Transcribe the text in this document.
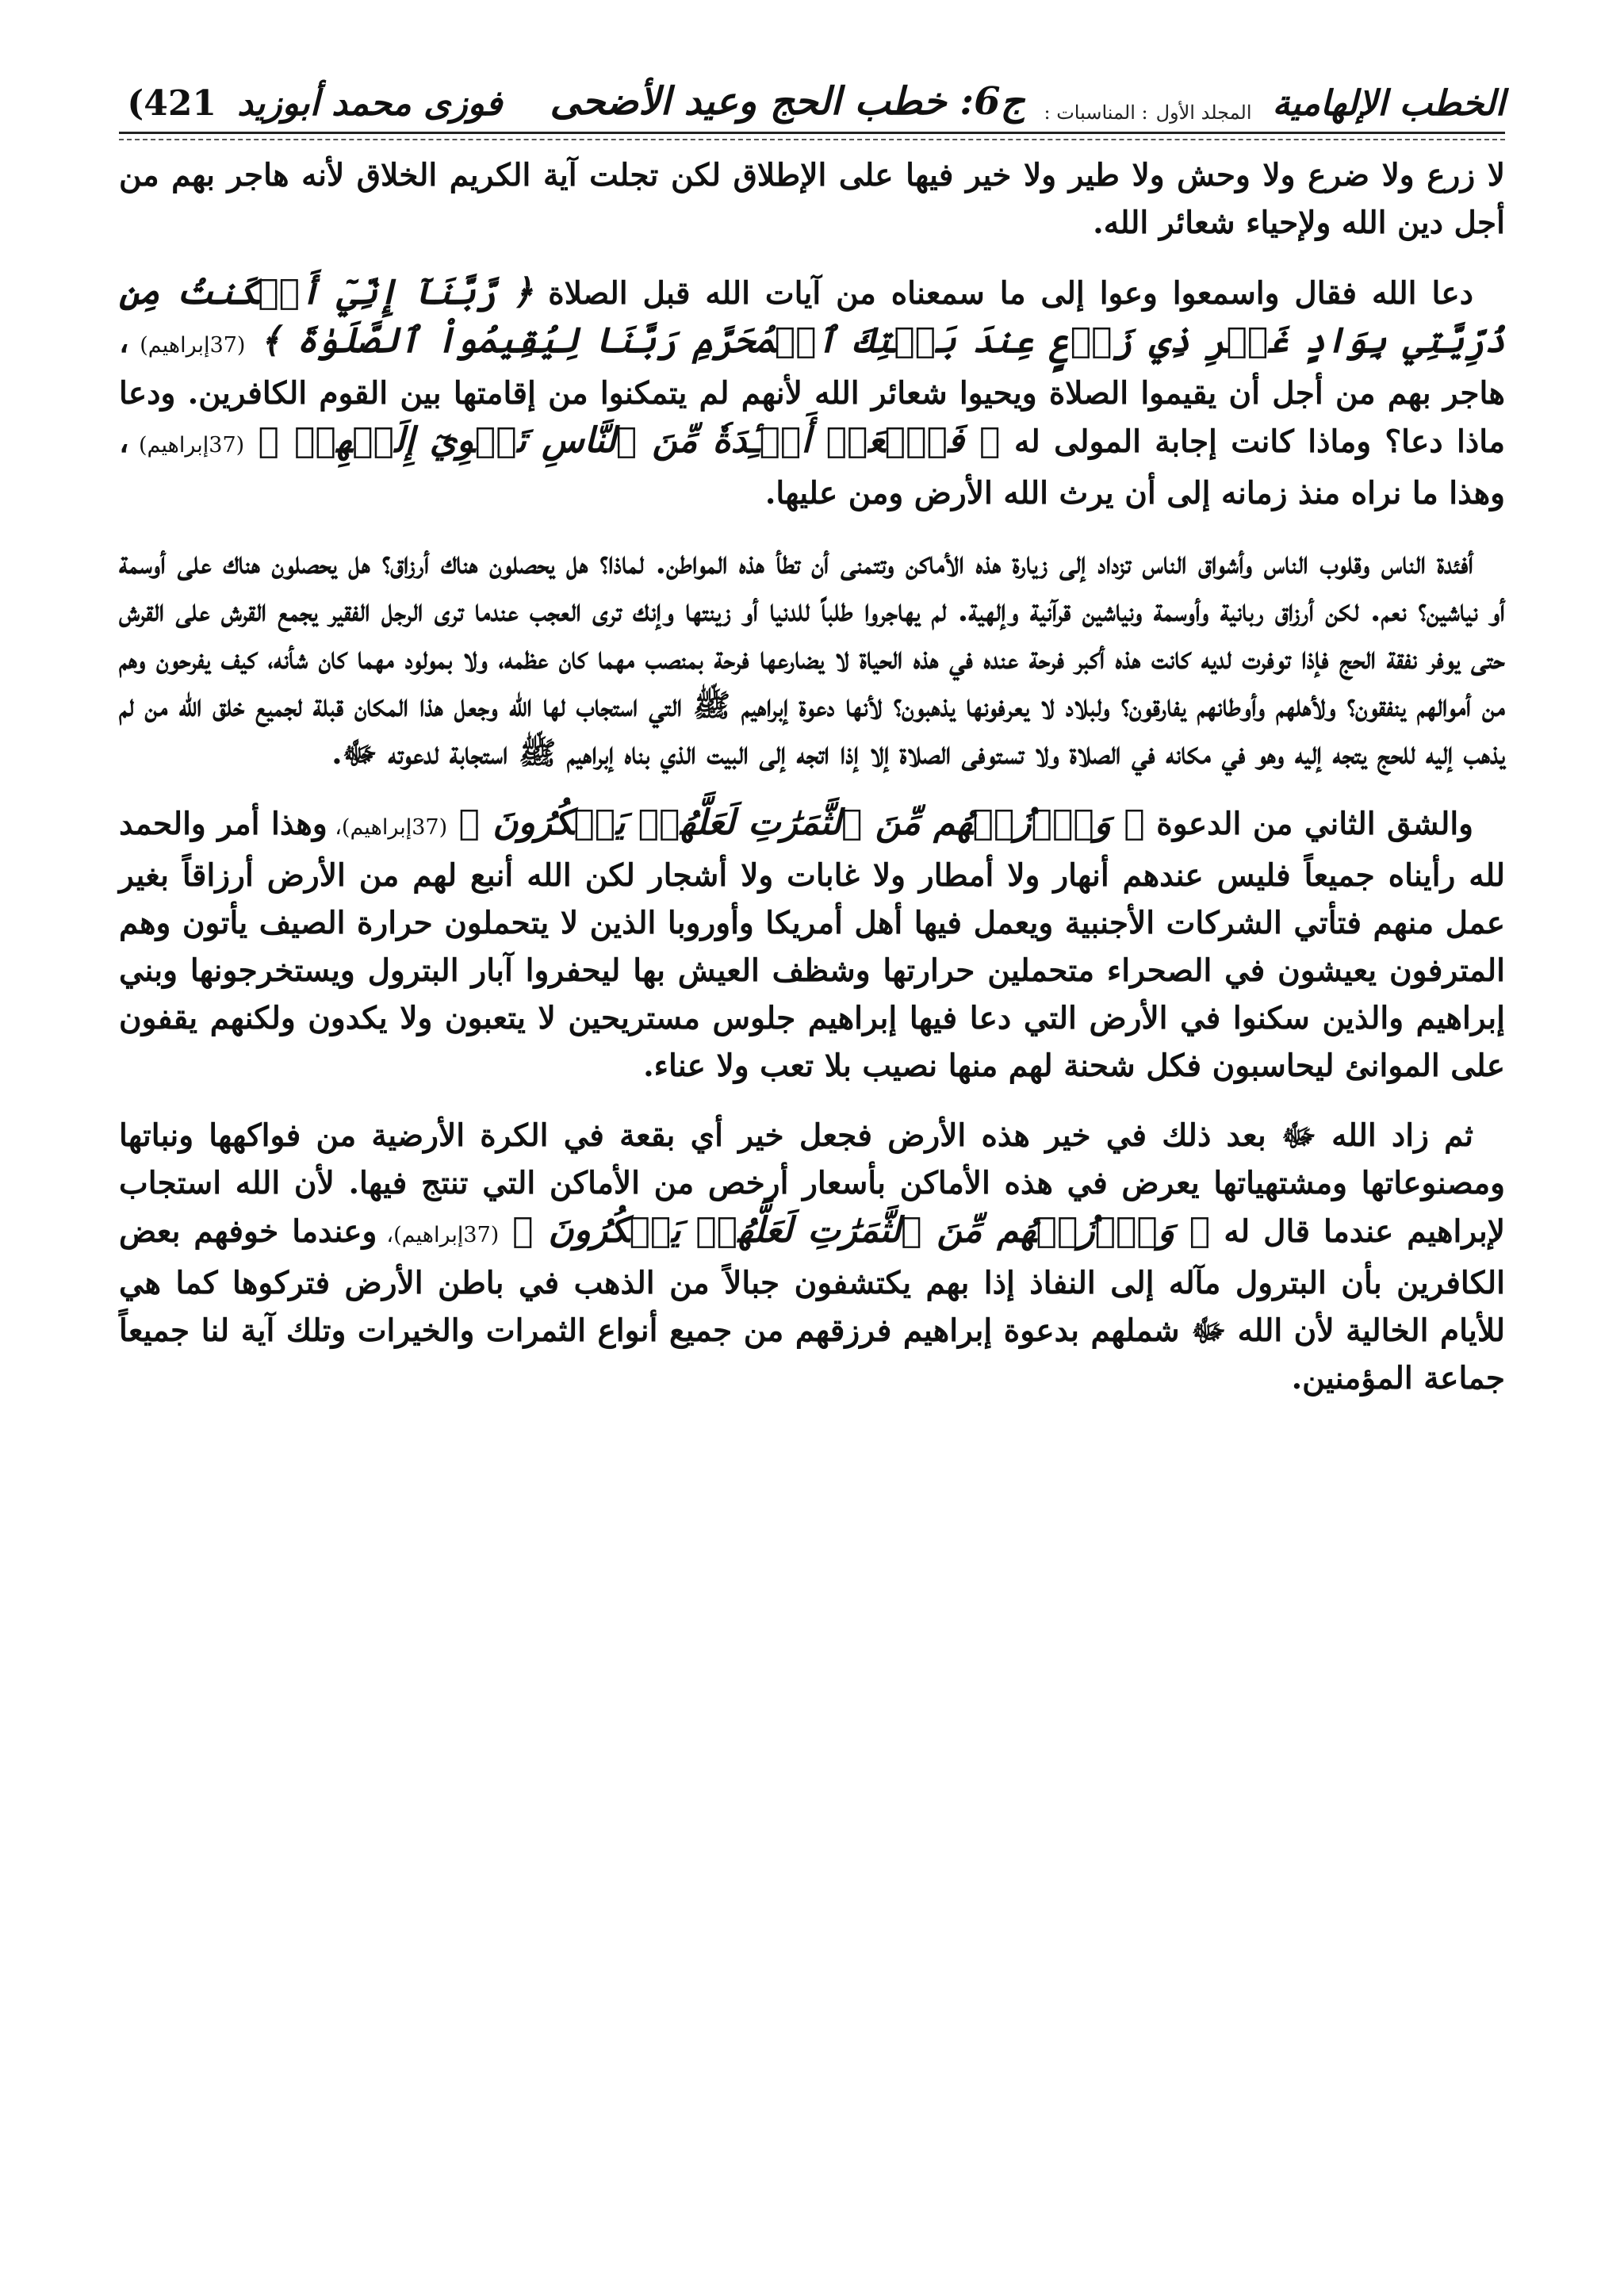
الخطب الإلهامية
المجلد الأول
: المناسبات :
ج6: خطب الحج وعيد الأضحى
فوزى محمد أبوزيد
(421

لا زرع ولا ضرع ولا وحش ولا طير ولا خير فيها على الإطلاق لكن تجلت آية الكريم الخلاق لأنه هاجر بهم من أجل دين الله ولإحياء شعائر الله.

دعا الله فقال واسمعوا وعوا إلى ما سمعناه من آيات الله قبل الصلاة ﴿ رَّبَّنَآ إِنِّيٓ أَسۡكَنتُ مِن ذُرِّيَّتِي بِوَادٍ غَيۡرِ ذِي زَرۡعٍ عِندَ بَيۡتِكَ ٱلۡمُحَرَّمِ رَبَّنَا لِيُقِيمُواْ ٱلصَّلَوٰةَ ﴾ (37إبراهيم) ، هاجر بهم من أجل أن يقيموا الصلاة ويحيوا شعائر الله لأنهم لم يتمكنوا من إقامتها بين القوم الكافرين. ودعا ماذا دعا؟ وماذا كانت إجابة المولى له ﴿ فَٱجۡعَلۡ أَفۡـِٔدَةٗ مِّنَ ٱلنَّاسِ تَهۡوِيٓ إِلَيۡهِمۡ ﴾ (37إبراهيم) ، وهذا ما نراه منذ زمانه إلى أن يرث الله الأرض ومن عليها.

أفئدة الناس وقلوب الناس وأشواق الناس تزداد إلى زيارة هذه الأماكن وتتمنى أن تطأ هذه المواطن. لماذا؟ هل يحصلون هناك أرزاق؟ هل يحصلون هناك على أوسمة أو نياشين؟ نعم. لكن أرزاق ربانية وأوسمة ونياشين قرآنية وإلهية. لم يهاجروا طلباً للدنيا أو زينتها وإنك ترى العجب عندما ترى الرجل الفقير يجمع القرش على القرش حتى يوفر نفقة الحج فإذا توفرت لديه كانت هذه أكبر فرحة عنده في هذه الحياة لا يضارعها فرحة بمنصب مهما كان عظمه، ولا بمولود مهما كان شأنه، كيف يفرحون وهم من أموالهم ينفقون؟ ولأهلهم وأوطانهم يفارقون؟ ولبلاد لا يعرفونها يذهبون؟ لأنها دعوة إبراهيم ﷺ التي استجاب لها الله وجعل هذا المكان قبلة لجميع خلق الله من لم يذهب إليه للحج يتجه إليه وهو في مكانه في الصلاة ولا تستوفى الصلاة إلا إذا اتجه إلى البيت الذي بناه إبراهيم ﷺ استجابة لدعوته ﷻ.

والشق الثاني من الدعوة ﴿ وَٱرۡزُقۡهُم مِّنَ ٱلثَّمَرَٰتِ لَعَلَّهُمۡ يَشۡكُرُونَ ﴾ (37إبراهيم)، وهذا أمر والحمد لله رأيناه جميعاً فليس عندهم أنهار ولا أمطار ولا غابات ولا أشجار لكن الله أنبع لهم من الأرض أرزاقاً بغير عمل منهم فتأتي الشركات الأجنبية ويعمل فيها أهل أمريكا وأوروبا الذين لا يتحملون حرارة الصيف يأتون وهم المترفون يعيشون في الصحراء متحملين حرارتها وشظف العيش بها ليحفروا آبار البترول ويستخرجونها وبني إبراهيم والذين سكنوا في الأرض التي دعا فيها إبراهيم جلوس مستريحين لا يتعبون ولا يكدون ولكنهم يقفون على الموانئ ليحاسبون فكل شحنة لهم منها نصيب بلا تعب ولا عناء.

ثم زاد الله ﷻ بعد ذلك في خير هذه الأرض فجعل خير أي بقعة في الكرة الأرضية من فواكهها ونباتها ومصنوعاتها ومشتهياتها يعرض في هذه الأماكن بأسعار أرخص من الأماكن التي تنتج فيها. لأن الله استجاب لإبراهيم عندما قال له ﴿ وَٱرۡزُقۡهُم مِّنَ ٱلثَّمَرَٰتِ لَعَلَّهُمۡ يَشۡكُرُونَ ﴾ (37إبراهيم)، وعندما خوفهم بعض الكافرين بأن البترول مآله إلى النفاذ إذا بهم يكتشفون جبالاً من الذهب في باطن الأرض فتركوها كما هي للأيام الخالية لأن الله ﷻ شملهم بدعوة إبراهيم فرزقهم من جميع أنواع الثمرات والخيرات وتلك آية لنا جميعاً جماعة المؤمنين.
